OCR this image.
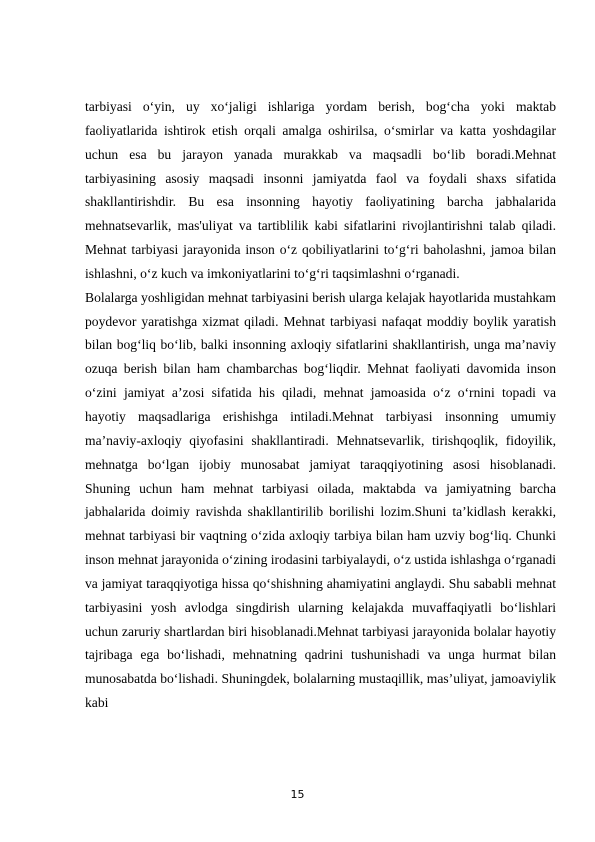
tarbiyasi o‘yin, uy xo‘jaligi ishlariga yordam berish, bog‘cha yoki maktab faoliyatlarida ishtirok etish orqali amalga oshirilsa, o‘smirlar va katta yoshdagilar uchun esa bu jarayon yanada murakkab va maqsadli bo‘lib boradi.Mehnat tarbiyasining asosiy maqsadi insonni jamiyatda faol va foydali shaxs sifatida shakllantirishdir. Bu esa insonning hayotiy faoliyatining barcha jabhalarida mehnatsevarlik, mas'uliyat va tartiblilik kabi sifatlarini rivojlantirishni talab qiladi. Mehnat tarbiyasi jarayonida inson o‘z qobiliyatlarini to‘g‘ri baholashni, jamoa bilan ishlashni, o‘z kuch va imkoniyatlarini to‘g‘ri taqsimlashni o‘rganadi.

Bolalarga yoshligidan mehnat tarbiyasini berish ularga kelajak hayotlarida mustahkam poydevor yaratishga xizmat qiladi. Mehnat tarbiyasi nafaqat moddiy boylik yaratish bilan bog‘liq bo‘lib, balki insonning axloqiy sifatlarini shakllantirish, unga ma’naviy ozuqa berish bilan ham chambarchas bog‘liqdir. Mehnat faoliyati davomida inson o‘zini jamiyat a’zosi sifatida his qiladi, mehnat jamoasida o‘z o‘rnini topadi va hayotiy maqsadlariga erishishga intiladi.Mehnat tarbiyasi insonning umumiy ma’naviy-axloqiy qiyofasini shakllantiradi. Mehnatsevarlik, tirishqoqlik, fidoyilik, mehnatga bo‘lgan ijobiy munosabat jamiyat taraqqiyotining asosi hisoblanadi. Shuning uchun ham mehnat tarbiyasi oilada, maktabda va jamiyatning barcha jabhalarida doimiy ravishda shakllantirilib borilishi lozim.Shuni ta’kidlash kerakki, mehnat tarbiyasi bir vaqtning o‘zida axloqiy tarbiya bilan ham uzviy bog‘liq. Chunki inson mehnat jarayonida o‘zining irodasini tarbiyalaydi, o‘z ustida ishlashga o‘rganadi va jamiyat taraqqiyotiga hissa qo‘shishning ahamiyatini anglaydi. Shu sababli mehnat tarbiyasini yosh avlodga singdirish ularning kelajakda muvaffaqiyatli bo‘lishlari uchun zaruriy shartlardan biri hisoblanadi.Mehnat tarbiyasi jarayonida bolalar hayotiy tajribaga ega bo‘lishadi, mehnatning qadrini tushunishadi va unga hurmat bilan munosabatda bo‘lishadi. Shuningdek, bolalarning mustaqillik, mas’uliyat, jamoaviylik kabi

15
